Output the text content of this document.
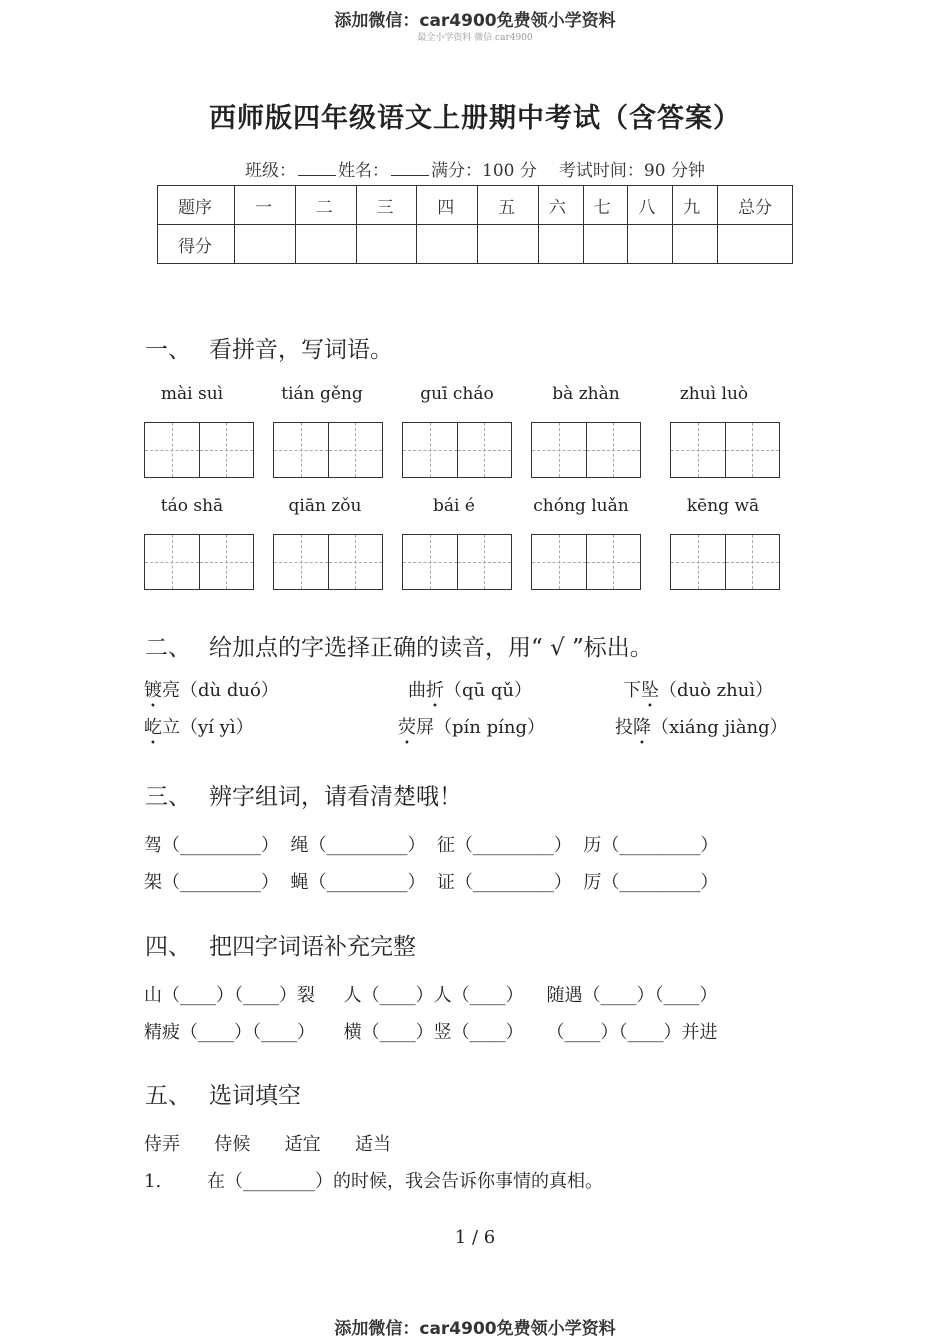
添加微信：car4900免费领小学资料
最全小学资料 微信 car4900
西师版四年级语文上册期中考试（含答案）
班级： 姓名： 满分：100 分 考试时间：90 分钟
题序	一	二	三	四	五	六	七	八	九	总分
得分										
一、 看拼音，写词语。
mài suì	tián gěng	guī cháo	bà zhàn	zhuì luò
táo shā	qiān zǒu	bái é	chóng luǎn	kēng wā
二、 给加点的字选择正确的读音，用“ √ ”标出。
镀亮（dù duó）	曲折（qū qǔ）	下坠（duò zhuì）
屹立（yí yì）	荧屏（pín píng）	投降（xiáng jiàng）
三、 辨字组词，请看清楚哦！
驾（_________）  绳（_________）  征（_________）  历（_________）
架（_________）  蝇（_________）  证（_________）  厉（_________）
四、 把四字词语补充完整
山（____）（____）裂     人（____）人（____）    随遇（____）（____）
精疲（____）（____）     横（____）竖（____）    （____）（____）并进
五、 选词填空
侍弄      侍候      适宜      适当
1.        在（________）的时候，我会告诉你事情的真相。
1 / 6
添加微信：car4900免费领小学资料
